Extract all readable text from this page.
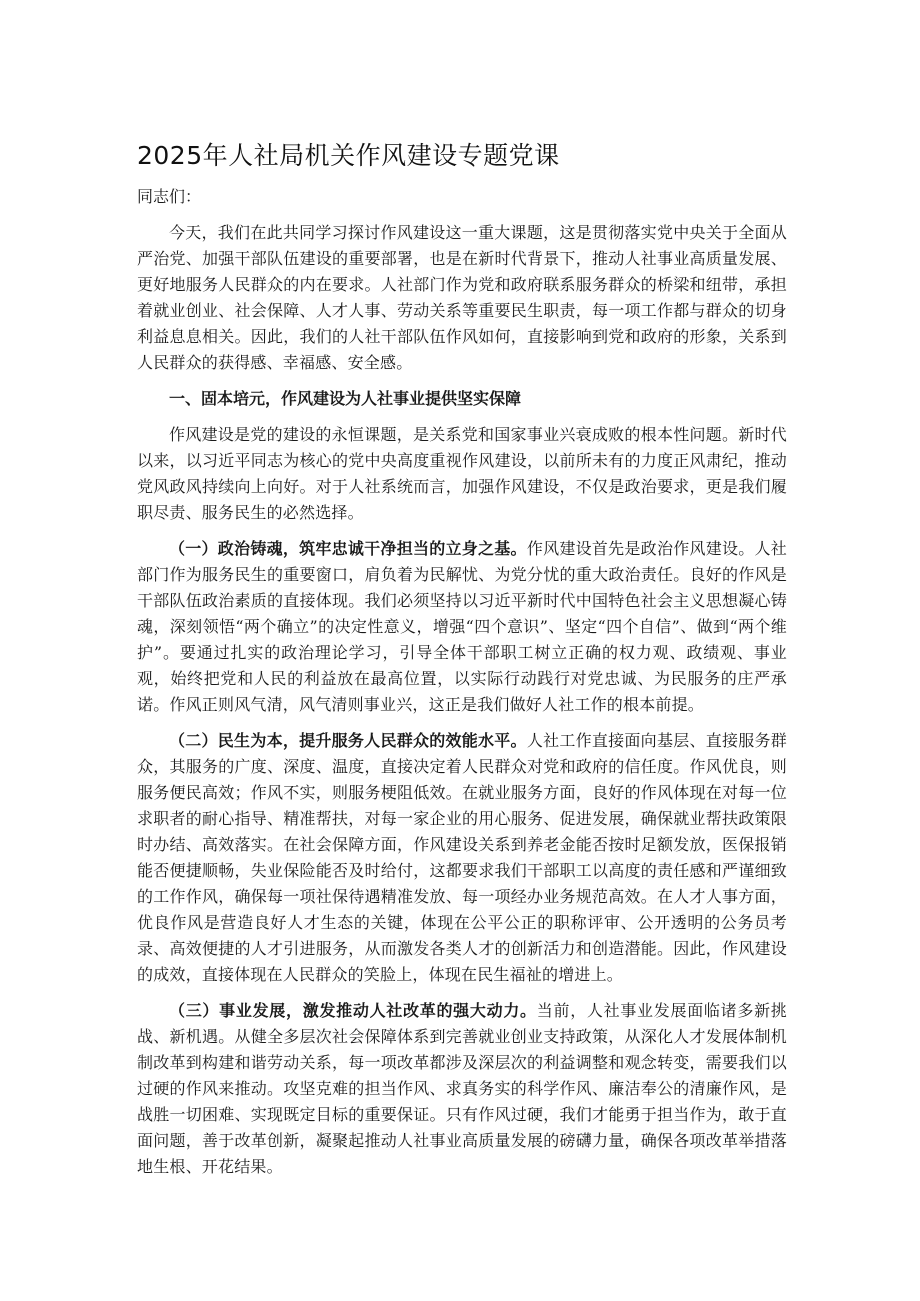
2025年人社局机关作风建设专题党课
同志们：

今天，我们在此共同学习探讨作风建设这一重大课题，这是贯彻落实党中央关于全面从严治党、加强干部队伍建设的重要部署，也是在新时代背景下，推动人社事业高质量发展、更好地服务人民群众的内在要求。人社部门作为党和政府联系服务群众的桥梁和纽带，承担着就业创业、社会保障、人才人事、劳动关系等重要民生职责，每一项工作都与群众的切身利益息息相关。因此，我们的人社干部队伍作风如何，直接影响到党和政府的形象，关系到人民群众的获得感、幸福感、安全感。

一、固本培元，作风建设为人社事业提供坚实保障

作风建设是党的建设的永恒课题，是关系党和国家事业兴衰成败的根本性问题。新时代以来，以习近平同志为核心的党中央高度重视作风建设，以前所未有的力度正风肃纪，推动党风政风持续向上向好。对于人社系统而言，加强作风建设，不仅是政治要求，更是我们履职尽责、服务民生的必然选择。

（一）政治铸魂，筑牢忠诚干净担当的立身之基。作风建设首先是政治作风建设。人社部门作为服务民生的重要窗口，肩负着为民解忧、为党分忧的重大政治责任。良好的作风是干部队伍政治素质的直接体现。我们必须坚持以习近平新时代中国特色社会主义思想凝心铸魂，深刻领悟“两个确立”的决定性意义，增强“四个意识”、坚定“四个自信”、做到“两个维护”。要通过扎实的政治理论学习，引导全体干部职工树立正确的权力观、政绩观、事业观，始终把党和人民的利益放在最高位置，以实际行动践行对党忠诚、为民服务的庄严承诺。作风正则风气清，风气清则事业兴，这正是我们做好人社工作的根本前提。

（二）民生为本，提升服务人民群众的效能水平。人社工作直接面向基层、直接服务群众，其服务的广度、深度、温度，直接决定着人民群众对党和政府的信任度。作风优良，则服务便民高效；作风不实，则服务梗阻低效。在就业服务方面，良好的作风体现在对每一位求职者的耐心指导、精准帮扶，对每一家企业的用心服务、促进发展，确保就业帮扶政策限时办结、高效落实。在社会保障方面，作风建设关系到养老金能否按时足额发放，医保报销能否便捷顺畅，失业保险能否及时给付，这都要求我们干部职工以高度的责任感和严谨细致的工作作风，确保每一项社保待遇精准发放、每一项经办业务规范高效。在人才人事方面，优良作风是营造良好人才生态的关键，体现在公平公正的职称评审、公开透明的公务员考录、高效便捷的人才引进服务，从而激发各类人才的创新活力和创造潜能。因此，作风建设的成效，直接体现在人民群众的笑脸上，体现在民生福祉的增进上。

（三）事业发展，激发推动人社改革的强大动力。当前，人社事业发展面临诸多新挑战、新机遇。从健全多层次社会保障体系到完善就业创业支持政策，从深化人才发展体制机制改革到构建和谐劳动关系，每一项改革都涉及深层次的利益调整和观念转变，需要我们以过硬的作风来推动。攻坚克难的担当作风、求真务实的科学作风、廉洁奉公的清廉作风，是战胜一切困难、实现既定目标的重要保证。只有作风过硬，我们才能勇于担当作为，敢于直面问题，善于改革创新，凝聚起推动人社事业高质量发展的磅礴力量，确保各项改革举措落地生根、开花结果。
